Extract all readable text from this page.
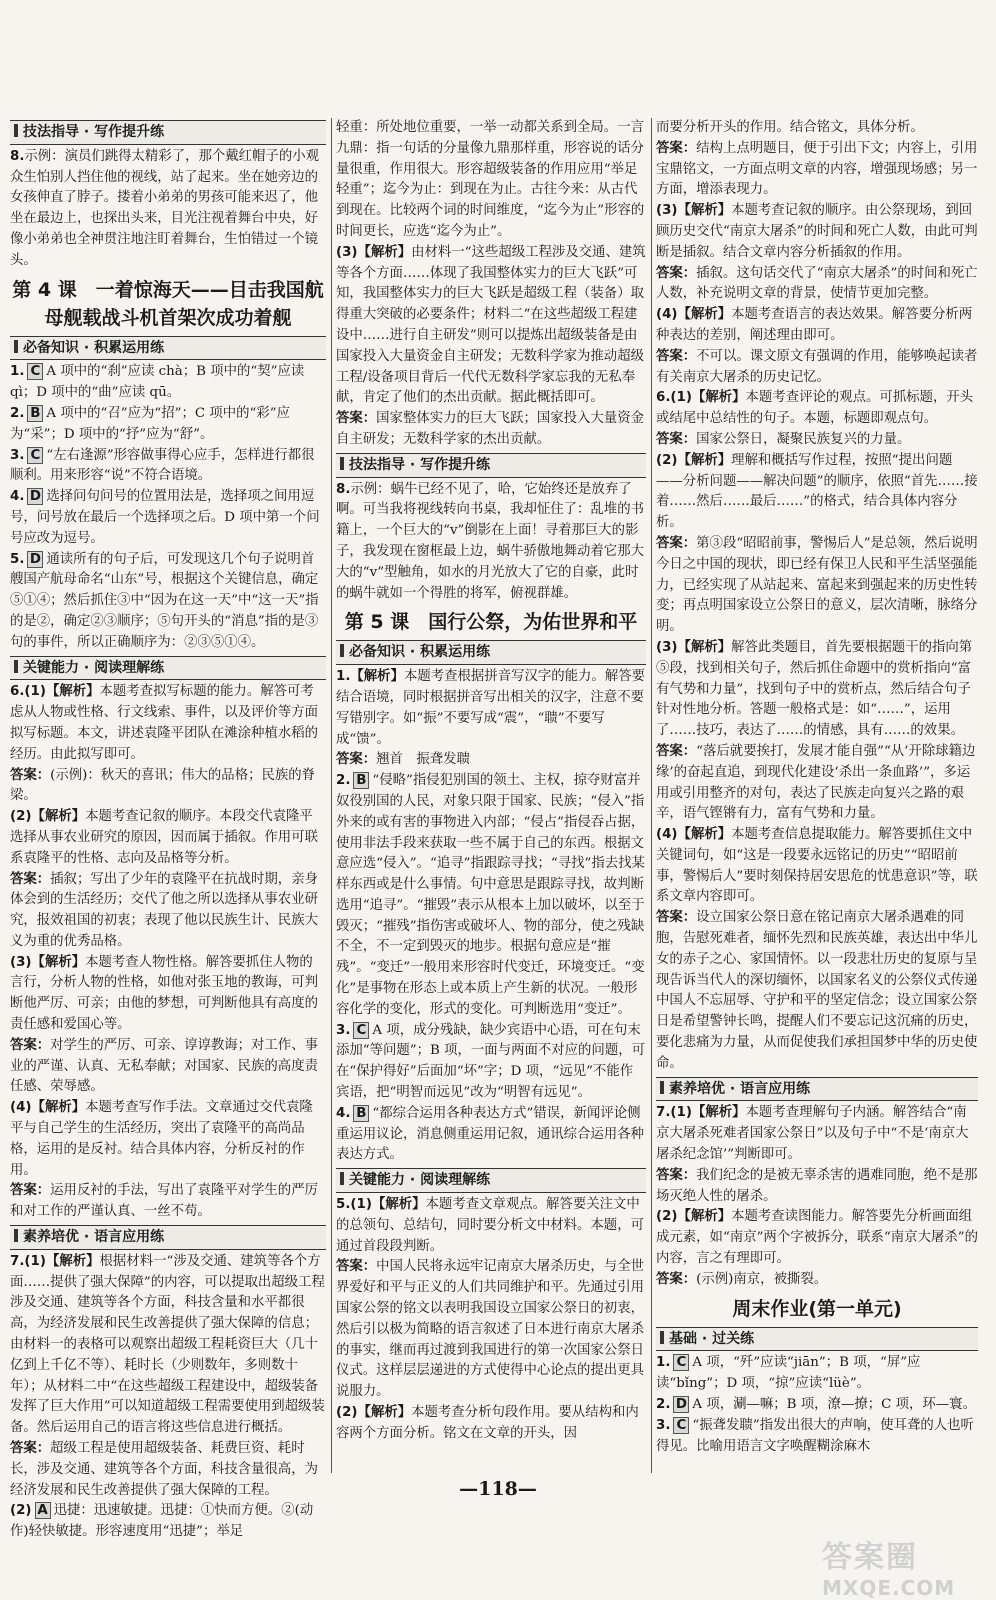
技法指导 · 写作提升练

8.示例：演员们跳得太精彩了，那个戴红帽子的小观众生怕别人挡住他的视线，站了起来。坐在她旁边的女孩伸直了脖子。搂着小弟弟的男孩可能来迟了，他坐在最边上，也探出头来，目光注视着舞台中央，好像小弟弟也全神贯注地注盯着舞台，生怕错过一个镜头。

第 4 课　一着惊海天——目击我国航母舰载战斗机首架次成功着舰
必备知识 · 积累运用练

1. C A 项中的“刹”应读 chà；B 项中的“契”应读 qì；D 项中的“曲”应读 qū。

2. B A 项中的“召”应为“招”；C 项中的“彩”应为“采”；D 项中的“抒”应为“舒”。

3. C “左右逢源”形容做事得心应手，怎样进行都很顺利。用来形容“说”不符合语境。

4. D 选择问句问号的位置用法是，选择项之间用逗号，问号放在最后一个选择项之后。D 项中第一个问号应改为逗号。

5. D 通读所有的句子后，可发现这几个句子说明首艘国产航母命名“山东”号，根据这个关键信息，确定⑤①④；然后抓住③中“因为在这一天”中“这一天”指的是②，确定②③顺序；⑤句开头的“消息”指的是③句的事件，所以正确顺序为：②③⑤①④。

关键能力 · 阅读理解练

6.(1)【解析】本题考查拟写标题的能力。解答可考虑从人物或性格、行文线索、事件，以及评价等方面拟写标题。本文，讲述袁隆平团队在滩涂种植水稻的经历。由此拟写即可。

答案：(示例)：秋天的喜讯；伟大的品格；民族的脊梁。

(2)【解析】本题考查记叙的顺序。本段交代袁隆平选择从事农业研究的原因，因而属于插叙。作用可联系袁隆平的性格、志向及品格等分析。

答案：插叙；写出了少年的袁隆平在抗战时期，亲身体会到的生活经历；交代了他之所以选择从事农业研究，报效祖国的初衷；表现了他以民族生计、民族大义为重的优秀品格。

(3)【解析】本题考查人物性格。解答要抓住人物的言行，分析人物的性格，如他对张玉地的教诲，可判断他严厉、可亲；由他的梦想，可判断他具有高度的责任感和爱国心等。

答案：对学生的严厉、可亲、谆谆教诲；对工作、事业的严谨、认真、无私奉献；对国家、民族的高度责任感、荣辱感。

(4)【解析】本题考查写作手法。文章通过交代袁隆平与自己学生的生活经历，突出了袁隆平的高尚品格，运用的是反衬。结合具体内容，分析反衬的作用。

答案：运用反衬的手法，写出了袁隆平对学生的严厉和对工作的严谨认真、一丝不苟。

素养培优 · 语言应用练

7.(1)【解析】根据材料一“涉及交通、建筑等各个方面……提供了强大保障”的内容，可以提取出超级工程涉及交通、建筑等各个方面，科技含量和水平都很高，为经济发展和民生改善提供了强大保障的信息；由材料一的表格可以观察出超级工程耗资巨大（几十亿到上千亿不等）、耗时长（少则数年，多则数十年）；从材料二中“在这些超级工程建设中，超级装备发挥了巨大作用”可以知道超级工程需要使用到超级装备。然后运用自己的语言将这些信息进行概括。

答案：超级工程是使用超级装备、耗费巨资、耗时长，涉及交通、建筑等各个方面，科技含量很高，为经济发展和民生改善提供了强大保障的工程。

(2) A 迅捷：迅速敏捷。迅捷：①快而方便。②(动作)轻快敏捷。形容速度用“迅捷”；举足

轻重：所处地位重要，一举一动都关系到全局。一言九鼎：指一句话的分量像九鼎那样重，形容说的话分量很重，作用很大。形容超级装备的作用应用“举足轻重”；迄今为止：到现在为止。古往今来：从古代到现在。比较两个词的时间维度，“迄今为止”形容的时间更长，应选“迄今为止”。

(3)【解析】由材料一“这些超级工程涉及交通、建筑等各个方面……体现了我国整体实力的巨大飞跃”可知，我国整体实力的巨大飞跃是超级工程（装备）取得重大突破的必要条件；材料二“在这些超级工程建设中……进行自主研发”则可以提炼出超级装备是由国家投入大量资金自主研发；无数科学家为推动超级工程/设备项目背后一代代无数科学家忘我的无私奉献，肯定了他们的杰出贡献。据此概括即可。

答案：国家整体实力的巨大飞跃；国家投入大量资金自主研发；无数科学家的杰出贡献。

技法指导 · 写作提升练

8.示例：蜗牛已经不见了，哈，它始终还是放弃了啊。可当我将视线转向书桌，我却怔住了：乱堆的书籍上，一个巨大的“v”倒影在上面！寻着那巨大的影子，我发现在窗框最上边，蜗牛骄傲地舞动着它那大大的“v”型触角，如水的月光放大了它的自豪，此时的蜗牛就如一个得胜的将军，俯视群雄。

第 5 课　国行公祭，为佑世界和平
必备知识 · 积累运用练

1.【解析】本题考查根据拼音写汉字的能力。解答要结合语境，同时根据拼音写出相关的汉字，注意不要写错别字。如“振”不要写成“震”，“聩”不要写成“馈”。

答案：翘首　振聋发聩

2. B “侵略”指侵犯别国的领土、主权，掠夺财富并奴役别国的人民，对象只限于国家、民族；“侵入”指外来的或有害的事物进入内部；“侵占”指侵吞占据，使用非法手段来获取一些不属于自己的东西。根据文意应选“侵入”。“追寻”指跟踪寻找；“寻找”指去找某样东西或是什么事情。句中意思是跟踪寻找，故判断选用“追寻”。“摧毁”表示从根本上加以破坏，以至于毁灭；“摧残”指伤害或破坏人、物的部分，使之残缺不全，不一定到毁灭的地步。根据句意应是“摧残”。“变迁”一般用来形容时代变迁，环境变迁。“变化”是事物在形态上或本质上产生新的状况。一般形容化学的变化，形式的变化。可判断选用“变迁”。

3. C A 项，成分残缺，缺少宾语中心语，可在句末添加“等问题”；B 项，一面与两面不对应的问题，可在“保护得好”后面加“坏”字；D 项，“远见”不能作宾语，把“明智而远见”改为“明智有远见”。

4. B “都综合运用各种表达方式”错误，新闻评论侧重运用议论，消息侧重运用记叙，通讯综合运用各种表达方式。

关键能力 · 阅读理解练

5.(1)【解析】本题考查文章观点。解答要关注文中的总领句、总结句，同时要分析文中材料。本题，可通过首段段判断。

答案：中国人民将永远牢记南京大屠杀历史，与全世界爱好和平与正义的人们共同维护和平。先通过引用国家公祭的铭文以表明我国设立国家公祭日的初衷，然后引以极为简略的语言叙述了日本进行南京大屠杀的事实，继而再过渡到我国进行的第一次国家公祭日仪式。这样层层递进的方式使得中心论点的提出更具说服力。

(2)【解析】本题考查分析句段作用。要从结构和内容两个方面分析。铭文在文章的开头，因

而要分析开头的作用。结合铭文，具体分析。

答案：结构上点明题目，便于引出下文；内容上，引用宝鼎铭文，一方面点明文章的内容，增强现场感；另一方面，增添表现力。

(3)【解析】本题考查记叙的顺序。由公祭现场，到回顾历史交代“南京大屠杀”的时间和死亡人数，由此可判断是插叙。结合文章内容分析插叙的作用。

答案：插叙。这句话交代了“南京大屠杀”的时间和死亡人数，补充说明文章的背景，使情节更加完整。

(4)【解析】本题考查语言的表达效果。解答要分析两种表达的差别，阐述理由即可。

答案：不可以。课文原文有强调的作用，能够唤起读者有关南京大屠杀的历史记忆。

6.(1)【解析】本题考查评论的观点。可抓标题，开头或结尾中总结性的句子。本题，标题即观点句。

答案：国家公祭日，凝聚民族复兴的力量。

(2)【解析】理解和概括写作过程，按照“提出问题——分析问题——解决问题”的顺序，依照“首先……接着……然后……最后……”的格式，结合具体内容分析。

答案：第③段“昭昭前事，警惕后人”是总领，然后说明今日之中国的现状，即已经有保卫人民和平生活坚强能力，已经实现了从站起来、富起来到强起来的历史性转变；再点明国家设立公祭日的意义，层次清晰，脉络分明。

(3)【解析】解答此类题目，首先要根据题干的指向第⑤段，找到相关句子，然后抓住命题中的赏析指向“富有气势和力量”，找到句子中的赏析点，然后结合句子针对性地分析。答题一般格式是：如“……”，运用了……技巧，表达了……的情感，具有……的效果。

答案：“落后就要挨打，发展才能自强”“从‘开除球籍边缘’的奋起直追，到现代化建设‘杀出一条血路’”，多运用或引用整齐的对句，表达了民族走向复兴之路的艰辛，语气铿锵有力，富有气势和力量。

(4)【解析】本题考查信息提取能力。解答要抓住文中关键词句，如“这是一段要永远铭记的历史”“昭昭前事，警惕后人”要时刻保持居安思危的忧患意识”等，联系文章内容即可。

答案：设立国家公祭日意在铭记南京大屠杀遇难的同胞，告慰死难者，缅怀先烈和民族英雄，表达出中华儿女的赤子之心、家国情怀。以一段悲壮历史的复原与呈现告诉当代人的深切缅怀，以国家名义的公祭仪式传递中国人不忘屈辱、守护和平的坚定信念；设立国家公祭日是希望警钟长鸣，提醒人们不要忘记这沉痛的历史，要化悲痛为力量，从而促使我们承担国梦中华的历史使命。

素养培优 · 语言应用练

7.(1)【解析】本题考查理解句子内涵。解答结合“南京大屠杀死难者国家公祭日”以及句子中“不是‘南京大屠杀纪念馆’”判断即可。

答案：我们纪念的是被无辜杀害的遇难同胞，绝不是那场灭绝人性的屠杀。

(2)【解析】本题考查读图能力。解答要先分析画面组成元素，如“南京”两个字被拆分，联系“南京大屠杀”的内容，言之有理即可。

答案：(示例)南京，被撕裂。

周末作业(第一单元)
基础 · 过关练

1. C A 项，“歼”应读“jiān”；B 项，“屏”应读“bǐng”；D 项，“掠”应读“lüè”。

2. D A 项，涮—嘛；B 项，潦—撩；C 项，环—寰。

3. C “振聋发聩”指发出很大的声响，使耳聋的人也听得见。比喻用语言文字唤醒糊涂麻木

—118—
答案圈
MXQE.COM
